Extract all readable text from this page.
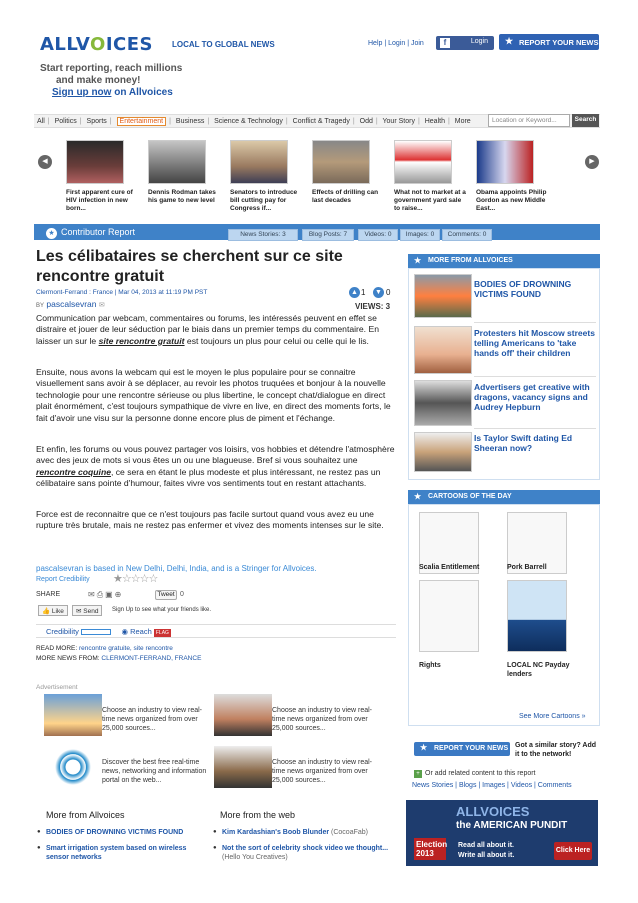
ALLVOICES LOCAL TO GLOBAL NEWS	Help | Login | Join	f	Login
★	REPORT YOUR NEWS
Start reporting, reach millions
and make money!
Sign up now on Allvoices
All | Politics | Sports | Entertainment | Business | Science & Technology | Conflict & Tragedy | Odd | Your Story | Health | More	Location or Keyword...	Search
◀	▶
First apparent cure of HIV infection in new born...
Dennis Rodman takes his game to new level
Senators to introduce bill cutting pay for Congress if...
Effects of drilling can last decades
What not to market at a government yard sale to raise...
Obama appoints Philip Gordon as new Middle East...
★ Contributor Report	News Stories: 3	Blog Posts: 7	Videos: 0	Images: 0	Comments: 0
Les célibataires se cherchent sur ce site rencontre gratuit
Clermont-Ferrand : France | Mar 04, 2013 at 11:19 PM PST
BY pascalsevran ✉
▲ 1 ▼ 0
VIEWS: 3
Communication par webcam, commentaires ou forums, les intéressés peuvent en effet se distraire et jouer de leur séduction par le biais dans un premier temps du commentaire. En laisser un sur le site rencontre gratuit est toujours un plus pour celui ou celle qui le lis.
Ensuite, nous avons la webcam qui est le moyen le plus populaire pour se connaitre visuellement sans avoir à se déplacer, au revoir les photos truquées et bonjour à la nouvelle technologie pour une rencontre sérieuse ou plus libertine, le concept chat/dialogue en direct plait énormément, c'est toujours sympathique de vivre en live, en direct des moments forts, le fait d'avoir une visu sur la personne donne encore plus de piment et l'échange.
Et enfin, les forums ou vous pouvez partager vos loisirs, vos hobbies et détendre l'atmosphère avec des jeux de mots si vous êtes un ou une blagueuse. Bref si vous souhaitez une rencontre coquine, ce sera en étant le plus modeste et plus intéressant, ne restez pas un célibataire sans pointe d'humour, faites vivre vos sentiments tout en restant attachants.
Force est de reconnaitre que ce n'est toujours pas facile surtout quand vous avez eu une rupture très brutale, mais ne restez pas enfermer et vivez des moments intenses sur le site.
pascalsevran is based in New Delhi, Delhi, India, and is a Stringer for Allvoices.
Report Credibility ★☆☆☆☆
SHARE	✉⎙▣⊕	Tweet 0
👍 Like	✉ Send	Sign Up to see what your friends like.
Credibility	◉ Reach FLAG
READ MORE: rencontre gratuite, site rencontre
MORE NEWS FROM: CLERMONT-FERRAND, FRANCE
Advertisement
Choose an industry to view real-time news organized from over 25,000 sources...
Choose an industry to view real-time news organized from over 25,000 sources...
Discover the best free real-time news, networking and information portal on the web...
Choose an industry to view real-time news organized from over 25,000 sources...
More from Allvoices
● BODIES OF DROWNING VICTIMS FOUND
● Smart irrigation system based on wireless sensor networks
More from the web
● Kim Kardashian's Boob Blunder (CocoaFab)
● Not the sort of celebrity shock video we thought... (Hello You Creatives)
★ MORE FROM ALLVOICES
BODIES OF DROWNING VICTIMS FOUND
Protesters hit Moscow streets telling Americans to 'take hands off' their children
Advertisers get creative with dragons, vacancy signs and Audrey Hepburn
Is Taylor Swift dating Ed Sheeran now?
★ CARTOONS OF THE DAY
Scalia Entitlement	Pork Barrell
Rights	LOCAL NC Payday lenders
See More Cartoons »
★ REPORT YOUR NEWS Got a similar story? Add it to the network!
+ Or add related content to this report
News Stories | Blogs | Images | Videos | Comments
ALLVOICES
the AMERICAN PUNDIT
Election 2013
Read all about it.
Write all about it.
Click Here
